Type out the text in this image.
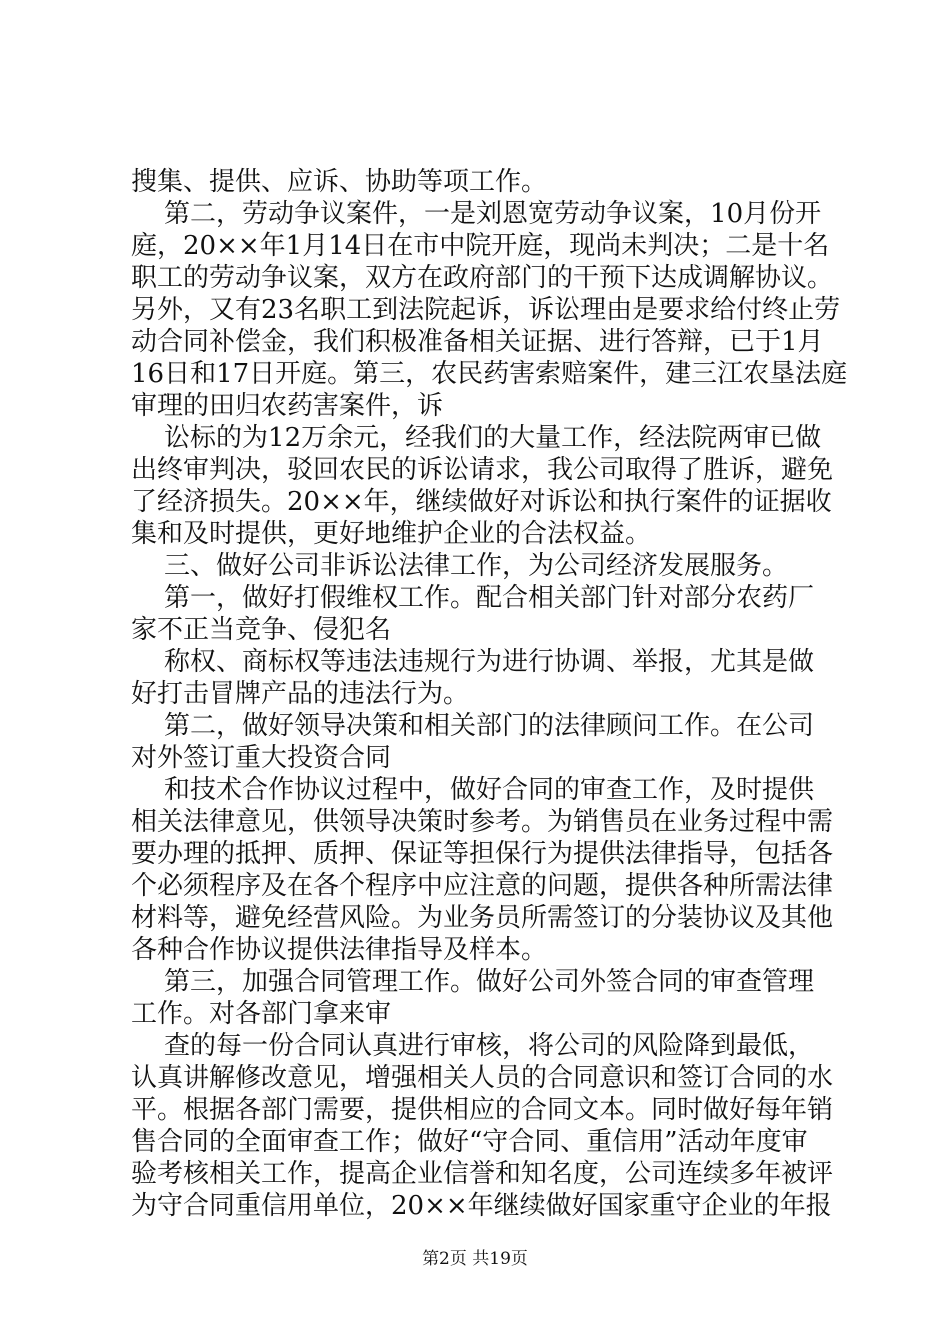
搜集、提供、应诉、协助等项工作。
第二，劳动争议案件，一是刘恩宽劳动争议案，10月份开
庭，20××年1月14日在市中院开庭，现尚未判决；二是十名
职工的劳动争议案，双方在政府部门的干预下达成调解协议。
另外，又有23名职工到法院起诉，诉讼理由是要求给付终止劳
动合同补偿金，我们积极准备相关证据、进行答辩，已于1月
16日和17日开庭。第三，农民药害索赔案件，建三江农垦法庭
审理的田归农药害案件，诉
讼标的为12万余元，经我们的大量工作，经法院两审已做
出终审判决，驳回农民的诉讼请求，我公司取得了胜诉，避免
了经济损失。20××年，继续做好对诉讼和执行案件的证据收
集和及时提供，更好地维护企业的合法权益。
三、做好公司非诉讼法律工作，为公司经济发展服务。
第一，做好打假维权工作。配合相关部门针对部分农药厂
家不正当竞争、侵犯名
称权、商标权等违法违规行为进行协调、举报，尤其是做
好打击冒牌产品的违法行为。
第二，做好领导决策和相关部门的法律顾问工作。在公司
对外签订重大投资合同
和技术合作协议过程中，做好合同的审查工作，及时提供
相关法律意见，供领导决策时参考。为销售员在业务过程中需
要办理的抵押、质押、保证等担保行为提供法律指导，包括各
个必须程序及在各个程序中应注意的问题，提供各种所需法律
材料等，避免经营风险。为业务员所需签订的分装协议及其他
各种合作协议提供法律指导及样本。
第三，加强合同管理工作。做好公司外签合同的审查管理
工作。对各部门拿来审
查的每一份合同认真进行审核，将公司的风险降到最低，
认真讲解修改意见，增强相关人员的合同意识和签订合同的水
平。根据各部门需要，提供相应的合同文本。同时做好每年销
售合同的全面审查工作；做好“守合同、重信用”活动年度审
验考核相关工作，提高企业信誉和知名度，公司连续多年被评
为守合同重信用单位，20××年继续做好国家重守企业的年报
第2页 共19页
